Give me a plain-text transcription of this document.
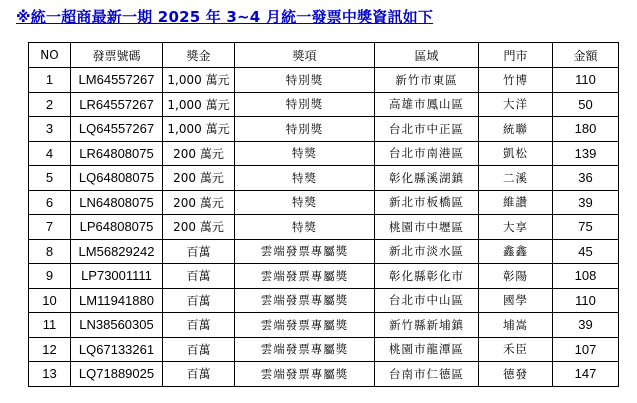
※統一超商最新一期 2025 年 3~4 月統一發票中獎資訊如下
NO	發票號碼	獎金	獎項	區域	門市	金額
1	LM64557267	1,000 萬元	特別獎	新竹市東區	竹博	110
2	LR64557267	1,000 萬元	特別獎	高雄市鳳山區	大洋	50
3	LQ64557267	1,000 萬元	特別獎	台北市中正區	統聯	180
4	LR64808075	200 萬元	特獎	台北市南港區	凱松	139
5	LQ64808075	200 萬元	特獎	彰化縣溪湖鎮	二溪	36
6	LN64808075	200 萬元	特獎	新北市板橋區	維讚	39
7	LP64808075	200 萬元	特獎	桃園市中壢區	大享	75
8	LM56829242	百萬	雲端發票專屬獎	新北市淡水區	鑫鑫	45
9	LP73001111	百萬	雲端發票專屬獎	彰化縣彰化市	彰陽	108
10	LM11941880	百萬	雲端發票專屬獎	台北市中山區	國學	110
11	LN38560305	百萬	雲端發票專屬獎	新竹縣新埔鎮	埔嵩	39
12	LQ67133261	百萬	雲端發票專屬獎	桃園市龍潭區	禾臣	107
13	LQ71889025	百萬	雲端發票專屬獎	台南市仁德區	德發	147
